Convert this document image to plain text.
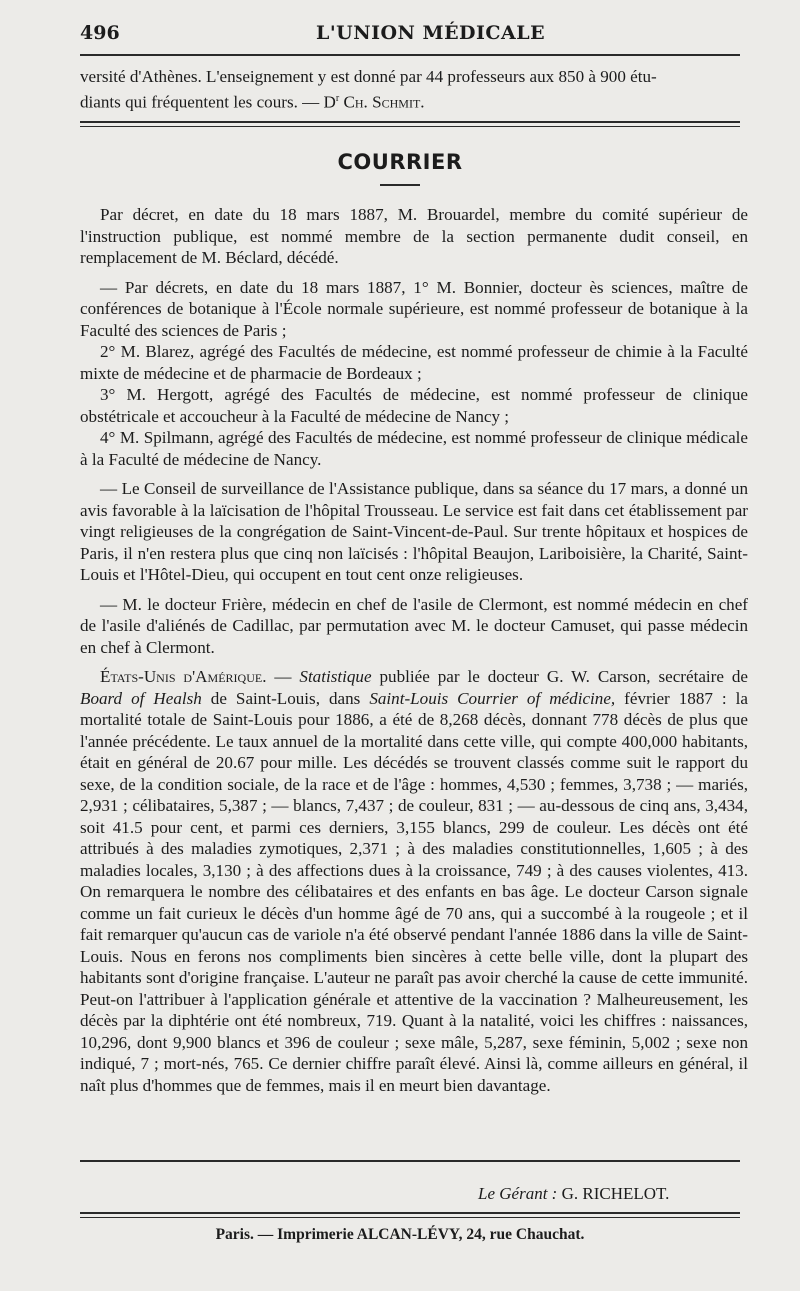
496	L'UNION MÉDICALE

versité d'Athènes. L'enseignement y est donné par 44 professeurs aux 850 à 900 étu-

diants qui fréquentent les cours. — $D^r$ Ch. Schmit.

COURRIER

Par décret, en date du 18 mars 1887, M. Brouardel, membre du comité supérieur de l'instruction publique, est nommé membre de la section permanente dudit conseil, en remplacement de M. Béclard, décédé.

— Par décrets, en date du 18 mars 1887, 1° M. Bonnier, docteur ès sciences, maître de conférences de botanique à l'École normale supérieure, est nommé professeur de botanique à la Faculté des sciences de Paris ;

2° M. Blarez, agrégé des Facultés de médecine, est nommé professeur de chimie à la Faculté mixte de médecine et de pharmacie de Bordeaux ;

3° M. Hergott, agrégé des Facultés de médecine, est nommé professeur de clinique obstétricale et accoucheur à la Faculté de médecine de Nancy ;

4° M. Spilmann, agrégé des Facultés de médecine, est nommé professeur de clinique médicale à la Faculté de médecine de Nancy.

— Le Conseil de surveillance de l'Assistance publique, dans sa séance du 17 mars, a donné un avis favorable à la laïcisation de l'hôpital Trousseau. Le service est fait dans cet établissement par vingt religieuses de la congrégation de Saint-Vincent-de-Paul. Sur trente hôpitaux et hospices de Paris, il n'en restera plus que cinq non laïcisés : l'hôpital Beaujon, Lariboisière, la Charité, Saint-Louis et l'Hôtel-Dieu, qui occupent en tout cent onze religieuses.

— M. le docteur Frière, médecin en chef de l'asile de Clermont, est nommé médecin en chef de l'asile d'aliénés de Cadillac, par permutation avec M. le docteur Camuset, qui passe médecin en chef à Clermont.

États-Unis d'Amérique. — Statistique publiée par le docteur G. W. Carson, secrétaire de Board of Healsh de Saint-Louis, dans Saint-Louis Courrier of médicine, février 1887 : la mortalité totale de Saint-Louis pour 1886, a été de 8,268 décès, donnant 778 décès de plus que l'année précédente. Le taux annuel de la mortalité dans cette ville, qui compte 400,000 habitants, était en général de 20.67 pour mille. Les décédés se trouvent classés comme suit le rapport du sexe, de la condition sociale, de la race et de l'âge : hommes, 4,530 ; femmes, 3,738 ; — mariés, 2,931 ; célibataires, 5,387 ; — blancs, 7,437 ; de couleur, 831 ; — au-dessous de cinq ans, 3,434, soit 41.5 pour cent, et parmi ces derniers, 3,155 blancs, 299 de couleur. Les décès ont été attribués à des maladies zymotiques, 2,371 ; à des maladies constitutionnelles, 1,605 ; à des maladies locales, 3,130 ; à des affections dues à la croissance, 749 ; à des causes violentes, 413. On remarquera le nombre des célibataires et des enfants en bas âge. Le docteur Carson signale comme un fait curieux le décès d'un homme âgé de 70 ans, qui a succombé à la rougeole ; et il fait remarquer qu'aucun cas de variole n'a été observé pendant l'année 1886 dans la ville de Saint-Louis. Nous en ferons nos compliments bien sincères à cette belle ville, dont la plupart des habitants sont d'origine française. L'auteur ne paraît pas avoir cherché la cause de cette immunité. Peut-on l'attribuer à l'application générale et attentive de la vaccination ? Malheureusement, les décès par la diphtérie ont été nombreux, 719. Quant à la natalité, voici les chiffres : naissances, 10,296, dont 9,900 blancs et 396 de couleur ; sexe mâle, 5,287, sexe féminin, 5,002 ; sexe non indiqué, 7 ; mort-nés, 765. Ce dernier chiffre paraît élevé. Ainsi là, comme ailleurs en général, il naît plus d'hommes que de femmes, mais il en meurt bien davantage.

Le Gérant : G. RICHELOT.
Paris. — Imprimerie ALCAN-LÉVY, 24, rue Chauchat.
